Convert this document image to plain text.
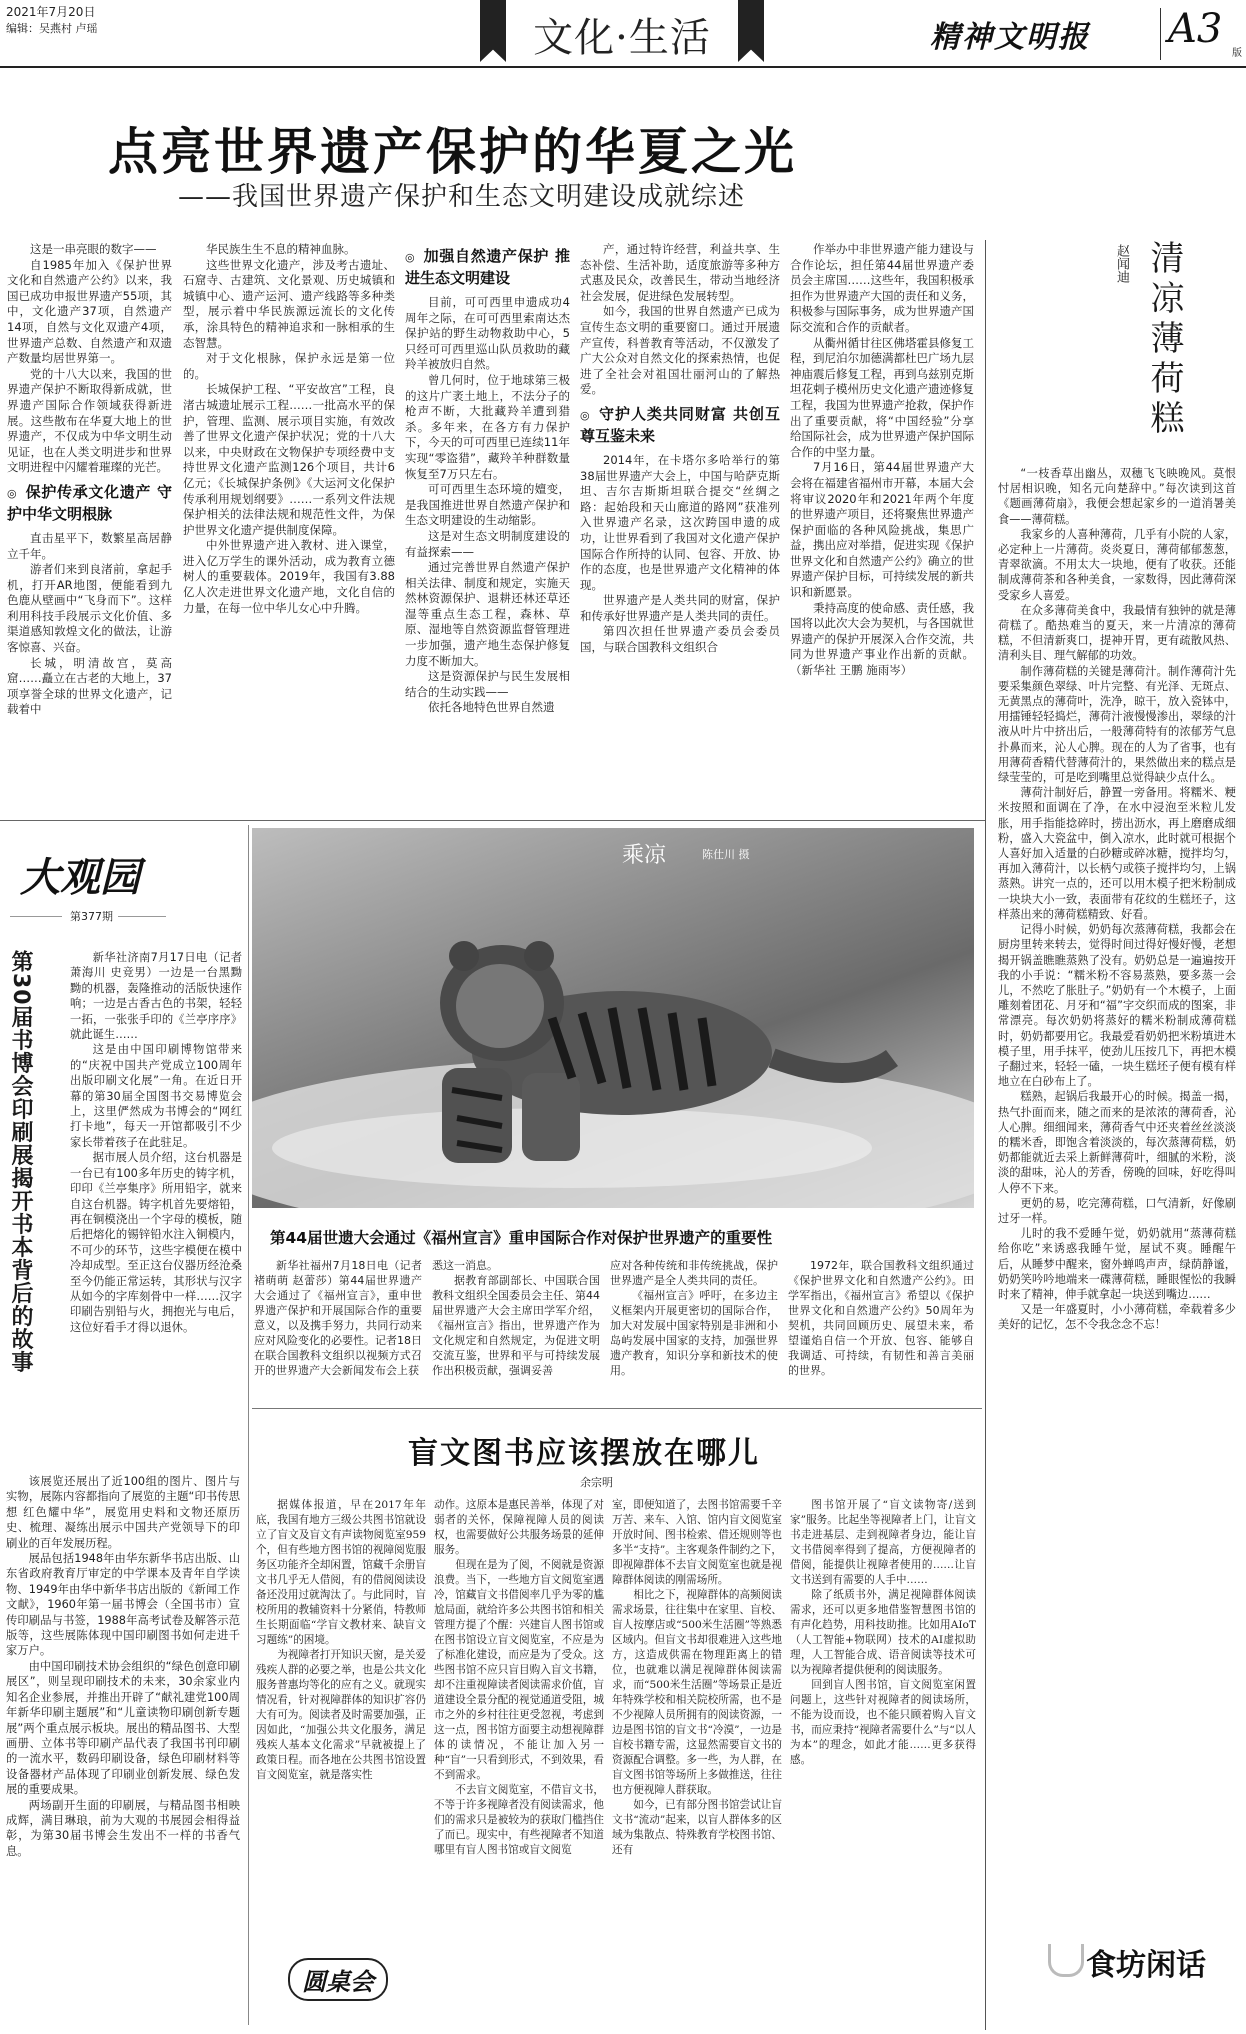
2021年7月20日
编辑：吴燕村 卢瑶	文化·生活	精神文明报 A3
版
点亮世界遗产保护的华夏之光
——我国世界遗产保护和生态文明建设成就综述

这是一串亮眼的数字——

自1985年加入《保护世界文化和自然遗产公约》以来，我国已成功申报世界遗产55项，其中，文化遗产37项，自然遗产14项，自然与文化双遗产4项，世界遗产总数、自然遗产和双遗产数量均居世界第一。

党的十八大以来，我国的世界遗产保护不断取得新成就，世界遗产国际合作领域获得新进展。这些散布在华夏大地上的世界遗产，不仅成为中华文明生动见证，也在人类文明进步和世界文明进程中闪耀着璀璨的光芒。

◎ 保护传承文化遗产 守护中华文明根脉

直击星平下，数繁星高居静立千年。

游者们来到良渚前，拿起手机，打开AR地图，便能看到九色鹿从壁画中“飞身而下”。这样利用科技手段展示文化价值、多渠道感知敦煌文化的做法，让游客惊喜、兴奋。

长城，明清故宫，莫高窟……矗立在古老的大地上，37项享誉全球的世界文化遗产，记载着中

华民族生生不息的精神血脉。

这些世界文化遗产，涉及考古遗址、石窟寺、古建筑、文化景观、历史城镇和城镇中心、遗产运河、遗产线路等多种类型，展示着中华民族源远流长的文化传承，涂具特色的精神追求和一脉相承的生态智慧。

对于文化根脉，保护永远是第一位的。

长城保护工程、“平安故宫”工程，良渚古城遗址展示工程……一批高水平的保护，管理、监测、展示项目实施，有效改善了世界文化遗产保护状况；党的十八大以来，中央财政在文物保护专项经费中支持世界文化遗产监测126个项目，共计6亿元；《长城保护条例》《大运河文化保护传承利用规划纲要》……一系列文件法规保护相关的法律法规和规范性文件，为保护世界文化遗产提供制度保障。

中外世界遗产进入教材、进入课堂，进入亿万学生的课外活动，成为教育立德树人的重要载体。2019年，我国有3.88亿人次走进世界文化遗产地，文化自信的力量，在每一位中华儿女心中升腾。

◎ 加强自然遗产保护 推进生态文明建设

目前，可可西里申遗成功4周年之际，在可可西里索南达杰保护站的野生动物救助中心，5只经可可西里巡山队员救助的藏羚羊被放归自然。

曾几何时，位于地球第三极的这片广袤土地上，不法分子的枪声不断，大批藏羚羊遭到猎杀。多年来，在各方有力保护下，今天的可可西里已连续11年实现“零盗猎”，藏羚羊种群数量恢复至7万只左右。

可可西里生态环境的嬗变，是我国推进世界自然遗产保护和生态文明建设的生动缩影。

这是对生态文明制度建设的有益探索——

通过完善世界自然遗产保护相关法律、制度和规定，实施天然林资源保护、退耕还林还草还湿等重点生态工程，森林、草原、湿地等自然资源监督管理进一步加强，遗产地生态保护修复力度不断加大。

这是资源保护与民生发展相结合的生动实践——

依托各地特色世界自然遗

产，通过特许经营，利益共享、生态补偿、生活补助，适度旅游等多种方式惠及民众，改善民生，带动当地经济社会发展，促进绿色发展转型。

如今，我国的世界自然遗产已成为宣传生态文明的重要窗口。通过开展遗产宣传，科普教育等活动，不仅激发了广大公众对自然文化的探索热情，也促进了全社会对祖国壮丽河山的了解热爱。

◎ 守护人类共同财富 共创互尊互鉴未来

2014年，在卡塔尔多哈举行的第38届世界遗产大会上，中国与哈萨克斯坦、吉尔吉斯斯坦联合提交“丝绸之路：起始段和天山廊道的路网”获准列入世界遗产名录，这次跨国申遗的成功，让世界看到了我国对文化遗产保护国际合作所持的认同、包容、开放、协作的态度，也是世界遗产文化精神的体现。

世界遗产是人类共同的财富，保护和传承好世界遗产是人类共同的责任。

第四次担任世界遗产委员会委员国，与联合国教科文组织合

作举办中非世界遗产能力建设与合作论坛，担任第44届世界遗产委员会主席国……这些年，我国积极承担作为世界遗产大国的责任和义务，积极参与国际事务，成为世界遗产国际交流和合作的贡献者。

从衢州循甘往区佛塔霍县修复工程，到尼泊尔加德满都杜巴广场九层神庙震后修复工程，再到乌兹别克斯坦花剌子模州历史文化遗产遗迹修复工程，我国为世界遗产抢救，保护作出了重要贡献，将“中国经验”分享给国际社会，成为世界遗产保护国际合作的中坚力量。

7月16日，第44届世界遗产大会将在福建省福州市开幕，本届大会将审议2020年和2021年两个年度的世界遗产项目，还将聚焦世界遗产保护面临的各种风险挑战，集思广益，携出应对举措，促进实现《保护世界文化和自然遗产公约》确立的世界遗产保护目标，可持续发展的新共识和新愿景。

秉持高度的使命感、责任感，我国将以此次大会为契机，与各国就世界遗产的保护开展深入合作交流，共同为世界遗产事业作出新的贡献。（新华社 王鹏 施雨岑）

赵闻迪 清凉薄荷糕

“一枝香草出幽丛，双穗飞飞映晚风。莫恨忖居相识晚，知名元向楚辞中。”每次读到这首《题画薄荷扇》，我便会想起家乡的一道消暑美食——薄荷糕。

我家乡的人喜种薄荷，几乎有小院的人家，必定种上一片薄荷。炎炎夏日，薄荷郁郁葱葱，青翠欲滴。不用太大一块地，便有了收获。还能制成薄荷茶和各种美食，一家数得，因此薄荷深受家乡人喜爱。

在众多薄荷美食中，我最情有独钟的就是薄荷糕了。酷热难当的夏天，来一片清凉的薄荷糕，不但清新爽口，提神开胃，更有疏散风热、清利头目、理气解郁的功效。

制作薄荷糕的关键是薄荷汁。制作薄荷汁先要采集颜色翠绿、叶片完整、有光泽、无斑点、无黄黑点的薄荷叶，洗净，晾干，放入瓷钵中，用擂锤轻轻捣烂，薄荷汁液慢慢渗出，翠绿的汁液从叶片中挤出后，一般薄荷特有的浓郁芳气息扑鼻而来，沁人心脾。现在的人为了省事，也有用薄荷香精代替薄荷汁的，果然做出来的糕点是绿莹莹的，可是吃到嘴里总觉得缺少点什么。

薄荷汁制好后，静置一旁备用。将糯米、粳米按照和面调在了净，在水中浸泡至米粒儿发胀，用手指能捻碎时，捞出沥水，再上磨磨成细粉，盛入大瓷盆中，倒入凉水，此时就可根据个人喜好加入适量的白砂糖或碎冰糖，搅拌均匀，再加入薄荷汁，以长柄勺或筷子搅拌均匀，上锅蒸熟。讲究一点的，还可以用木模子把米粉制成一块块大小一致，表面带有花纹的生糕坯子，这样蒸出来的薄荷糕精致、好看。

记得小时候，奶奶每次蒸薄荷糕，我都会在厨房里转来转去，觉得时间过得好慢好慢，老想揭开锅盖瞧瞧蒸熟了没有。奶奶总是一遍遍按开我的小手说：“糯米粉不容易蒸熟，要多蒸一会儿，不然吃了胀肚子。”奶奶有一个木模子，上面雕刻着团花、月牙和“福”字交织而成的图案，非常漂亮。每次奶奶将蒸好的糯米粉制成薄荷糕时，奶奶都要用它。我最爱看奶奶把米粉填进木模子里，用手抹平，使劲儿压按几下，再把木模子翻过来，轻轻一磕，一块生糕坯子便有模有样地立在白砂布上了。

糕熟，起锅后我最开心的时候。揭盖一揭，热气扑面而来，随之而来的是浓浓的薄荷香，沁人心脾。细细闻来，薄荷香气中还夹着丝丝淡淡的糯米香，即饱含着淡淡的，每次蒸薄荷糕，奶奶都能就近去采上新鲜薄荷叶，细腻的米粉，淡淡的甜味，沁人的芳香，傍晚的回味，好吃得叫人停不下来。

更奶的易，吃完薄荷糕，口气清新，好像刷过牙一样。

儿时的我不爱睡午觉，奶奶就用“蒸薄荷糕给你吃”来诱惑我睡午觉，屋试不爽。睡醒午后，从睡梦中醒来，窗外蝉鸣声声，绿荫静谧，奶奶笑吟吟地端来一碟薄荷糕，睡眼惺忪的我瞬时来了精神，伸手就拿起一块送到嘴边……

又是一年盛夏时，小小薄荷糕，牵载着多少美好的记忆，怎不令我念念不忘！

食坊闲话
大观园
第377期
第30届书博会印刷展揭开书本背后的故事	新华社济南7月17日电（记者 萧海川 史竞男）一边是一台黑黝黝的机器，轰隆推动的活版快速作响；一边是古香古色的书架，轻轻一拓，一张张手印的《兰亭序序》就此诞生……

这是由中国印刷博物馆带来的“庆祝中国共产党成立100周年出版印刷文化展”一角。在近日开幕的第30届全国图书交易博览会上，这里俨然成为书博会的“网红打卡地”，每天一开馆都吸引不少家长带着孩子在此驻足。

据市展人员介绍，这台机器是一台已有100多年历史的铸字机，印印《兰亭集序》所用铅字，就来自这台机器。铸字机首先要熔铅，再在铜模浇出一个字母的模板，随后把熔化的锡锌铅水注入铜模内，不可少的环节，这些字模便在模中冷却成型。至正这台仪器历经沧桑至今仍能正常运转，其形状与汉字从如今的字库刻骨中一样……汉字印刷告别铅与火，拥抱光与电后，这位好看手才得以退休。

该展览还展出了近100组的图片、图片与实物，展陈内容都指向了展览的主题“印书传思想 红色耀中华”，展览用史料和文物还原历史、梳理、凝练出展示中国共产党领导下的印刷业的百年发展历程。

展品包括1948年由华东新华书店出版、山东省政府教育厅审定的中学课本及青年自学读物、1949年由华中新华书店出版的《新闻工作文献》，1960年第一届书博会（全国书市）宣传印刷品与书签，1988年高考试卷及解答示范版等，这些展陈体现中国印刷图书如何走进千家万户。

由中国印刷技术协会组织的“绿色创意印刷展区”，则呈现印刷技术的未来，30余家业内知名企业参展，并推出开辟了“献礼建党100周年新华印刷主题展”和“儿童读物印刷创新专题展”两个重点展示板块。展出的精品图书、大型画册、立体书等印刷产品代表了我国书刊印刷的一流水平，数码印刷设备，绿色印刷材料等设备器材产品体现了印刷业创新发展、绿色发展的重要成果。

两场副开生面的印刷展，与精品图书相映成辉，满目琳琅，前为大观的书展园会相得益彰，为第30届书博会生发出不一样的书香气息。

乘凉	陈仕川 摄
第44届世遗大会通过《福州宣言》重申国际合作对保护世界遗产的重要性

新华社福州7月18日电（记者 褚萌萌 赵蕾莎）第44届世界遗产大会通过了《福州宣言》，重申世界遗产保护和开展国际合作的重要意义，以及携手努力，共同行动来应对风险变化的必要性。记者18日在联合国教科文组织以视频方式召开的世界遗产大会新闻发布会上获

悉这一消息。

据教育部副部长、中国联合国教科文组织全国委员会主任、第44届世界遗产大会主席田学军介绍，《福州宣言》指出，世界遗产作为文化规定和自然规定，为促进文明交流互鉴，世界和平与可持续发展作出积极贡献，强调妥善

应对各种传统和非传统挑战，保护世界遗产是全人类共同的责任。

《福州宣言》呼吁，在多边主义框架内开展更密切的国际合作，加大对发展中国家特别是非洲和小岛屿发展中国家的支持，加强世界遗产教育，知识分享和新技术的使用。

1972年，联合国教科文组织通过《保护世界文化和自然遗产公约》。田学军指出，《福州宣言》希望以《保护世界文化和自然遗产公约》50周年为契机，共同回顾历史、展望未来，希望谨焰自信一个开放、包容、能够自我调适、可持续，有韧性和善言美丽的世界。

盲文图书应该摆放在哪儿
余宗明

据媒体报道，早在2017年年底，我国有地方三级公共图书馆就设立了盲文及盲文有声读物阅览室959个，但有些地方图书馆的视障阅览服务区功能齐全却闲置，馆藏千余册盲文书几乎无人借阅，有的借阅阅读设备还没用过就淘汰了。与此同时，盲校所用的教辅资料十分紧俏，特教师生长期面临“学盲文教材来、缺盲文习题练”的困境。

为视障者打开知识天窗，是关爱残疾人群的必要之举，也是公共文化服务普惠均等化的应有之义。就现实情况看，针对视障群体的知识扩容仍大有可为。阅读者及时需要加强，正因如此，“加强公共文化服务，满足残疾人基本文化需求”早就被提上了政策日程。而各地在公共图书馆设置盲文阅览室，就是落实性

动作。这原本是惠民善举，体现了对弱者的关怀，保障视障人员的阅读权，也需要做好公共服务场景的延伸服务。

但现在是为了阅，不阅就是资源浪费。当下，一些地方盲文阅览室遇冷，馆藏盲文书借阅率几乎为零的尴尬局面，就给许多公共图书馆和相关管理方提了个醒：兴建盲人图书馆或在图书馆设立盲文阅览室，不应是为了标准化建设，而应是为了受众。这些图书馆不应只盲目购入盲文书籍，却不注重视障读者阅读需求价值，盲道建设全景分配的视觉通道受阻，城市之外的乡村往往更受忽视，考虑到这一点，图书馆方面要主动想视障群体的读情况，不能让加入另一种“盲”一只看到形式，不到效果，看不到需求。

不去盲文阅览室，不借盲文书，不等于许多视障者没有阅读需求，他们的需求只是被较为的获取门槛挡住了而已。现实中，有些视障者不知道哪里有盲人图书馆或盲文阅览

室，即便知道了，去图书馆需要千辛万苦、来车、入馆、馆内盲文阅览室开放时间、图书检索、借还规则等也多半“支持”。主客观条件制约之下，即视障群体不去盲文阅览室也就是视障群体阅读的刚需场所。

相比之下，视障群体的高频阅读需求场景，往往集中在家里、盲校、盲人按摩店或“500米生活圈”等熟悉区域内。但盲文书却很难进入这些地方，这造成供需在物理距离上的错位，也就难以满足视障群体阅读需求，而“500米生活圈”等场景正是近年特殊学校和相关院校所需，也不是不少视障人员所拥有的阅读资源，一边是图书馆的盲文书“冷漠”，一边是盲校书籍专需，这显然需要盲文书的资源配合调整。多一些，为人群，在盲文图书馆等场所上多做推送，往往也方便视障人群获取。

如今，已有部分图书馆尝试让盲文书“流动”起来，以盲人群体多的区域为集散点、特殊教育学校图书馆、还有

图书馆开展了“盲文读物寄/送到家”服务。比起坐等视障者上门，让盲文书走进基层、走到视障者身边，能让盲文书借阅率得到了提高，方便视障者的借阅，能提供让视障者使用的……让盲文书送到有需要的人手中……

除了纸质书外，满足视障群体阅读需求，还可以更多地借鉴智慧图书馆的有声化趋势，用科技助推。比如用AIoT（人工智能+物联网）技术的AI虚拟助理，人工智能合成、语音阅读等技术可以为视障者提供便利的阅读服务。

回到盲人图书馆，盲文阅览室闲置问题上，这些针对视障者的阅读场所，不能为设而设，也不能只顾着购入盲文书，而应秉持“视障者需要什么”与“以人为本”的理念，如此才能……更多获得感。

圆桌会
